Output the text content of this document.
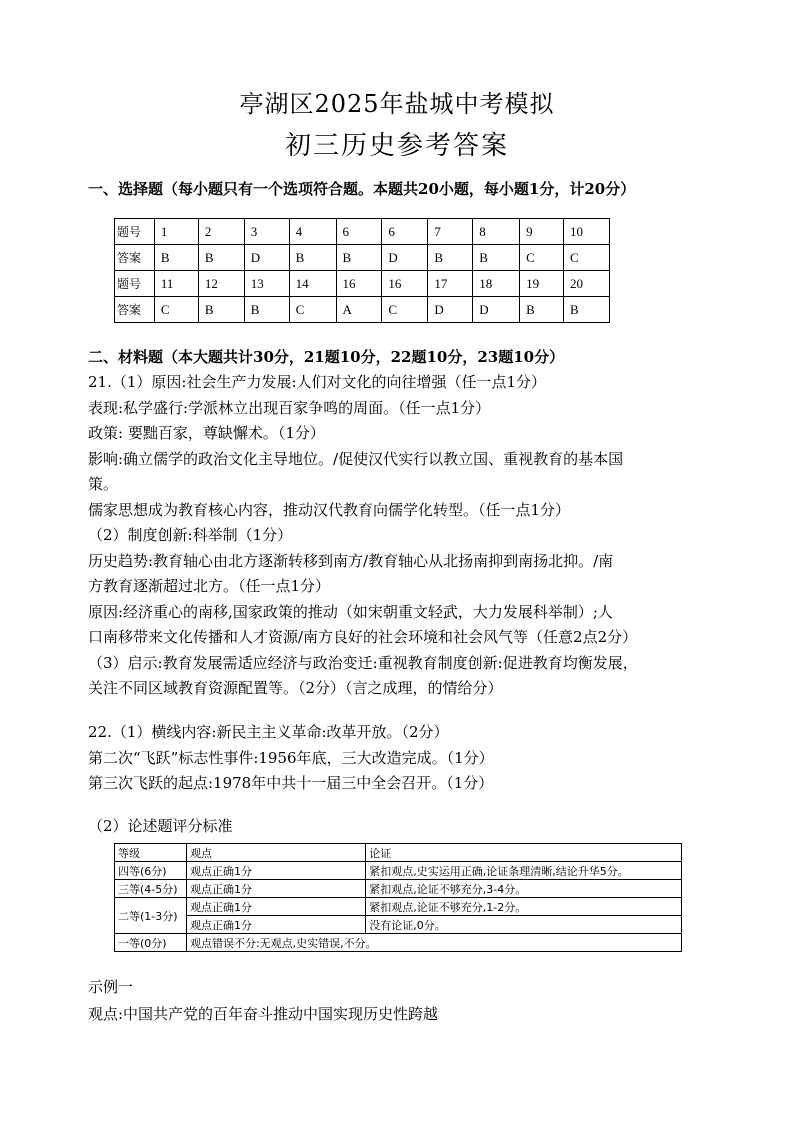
亭湖区2025年盐城中考模拟
初三历史参考答案
一、选择题（每小题只有一个选项符合题。本题共20小题，每小题1分，计20分）
题号	1	2	3	4	6	6	7	8	9	10
答案	B	B	D	B	B	D	B	B	C	C
题号	11	12	13	14	16	16	17	18	19	20
答案	C	B	B	C	A	C	D	D	B	B
二、材料题（本大题共计30分，21题10分，22题10分，23题10分）
21.（1）原因:社会生产力发展:人们对文化的向往增强（任一点1分）
表现:私学盛行:学派林立出现百家争鸣的周面。（任一点1分）
政策: 要黜百家，尊缺懈术。（1分）
影响:确立儒学的政治文化主导地位。/促使汉代实行以教立国、重视教育的基本国
策。
儒家思想成为教育核心内容，推动汉代教育向儒学化转型。（任一点1分）
（2）制度创新:科举制（1分）
历史趋势:教育轴心由北方逐渐转移到南方/教育轴心从北扬南抑到南扬北抑。/南
方教育逐渐超过北方。（任一点1分）
原因:经济重心的南移,国家政策的推动（如宋朝重文轻武，大力发展科举制）;人
口南移带来文化传播和人才资源/南方良好的社会环境和社会风气等（任意2点2分）
（3）启示:教育发展需适应经济与政治变迁:重视教育制度创新:促进教育均衡发展，
关注不同区域教育资源配置等。（2分）（言之成理，的情给分）
22.（1）横线内容:新民主主义革命:改革开放。（2分）
第二次“飞跃”标志性事件:1956年底，三大改造完成。（1分）
第三次飞跃的起点:1978年中共十一届三中全会召开。（1分）
（2）论述题评分标准
等级	观点	论证
四等(6分)	观点正确1分	紧扣观点,史实运用正确,论证条理清晰,结论升华5分。
三等(4-5分)	观点正确1分	紧扣观点,论证不够充分,3-4分。
二等(1-3分)	观点正确1分	紧扣观点,论证不够充分,1-2分。
	观点正确1分	没有论证,0分。
一等(0分)	观点错误不分:无观点,史实错误,不分。	
示例一
观点:中国共产党的百年奋斗推动中国实现历史性跨越
